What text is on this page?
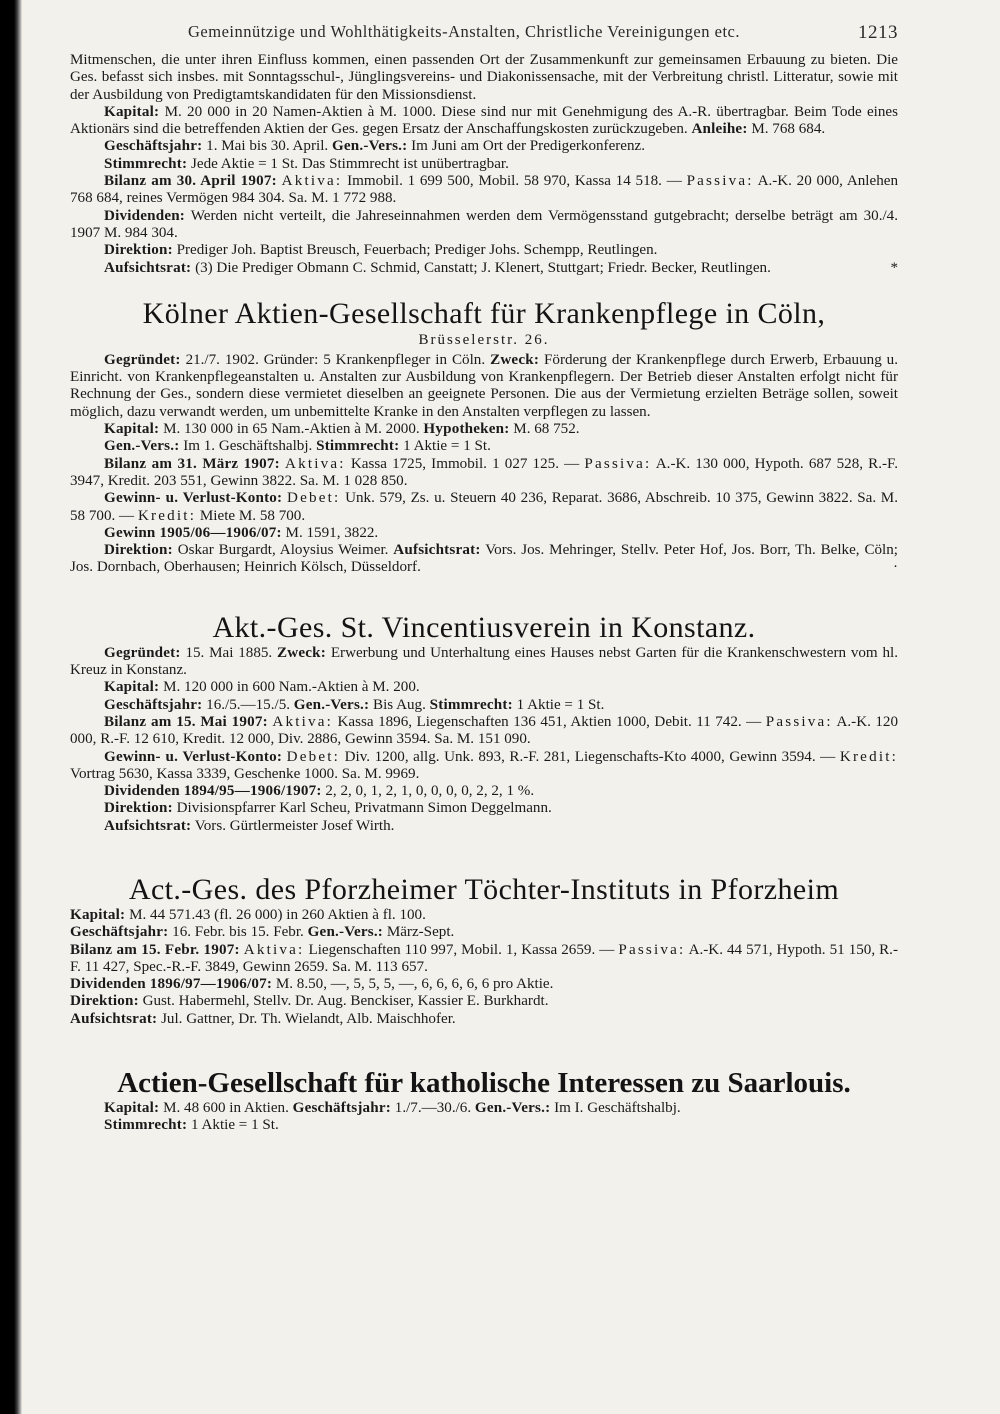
Gemeinnützige und Wohlthätigkeits-Anstalten, Christliche Vereinigungen etc.	1213

Mitmenschen, die unter ihren Einfluss kommen, einen passenden Ort der Zusammenkunft zur gemeinsamen Erbauung zu bieten. Die Ges. befasst sich insbes. mit Sonntagsschul-, Jünglingsvereins- und Diakonissensache, mit der Verbreitung christl. Litteratur, sowie mit der Ausbildung von Predigtamtskandidaten für den Missionsdienst.

Kapital: M. 20 000 in 20 Namen-Aktien à M. 1000. Diese sind nur mit Genehmigung des A.-R. übertragbar. Beim Tode eines Aktionärs sind die betreffenden Aktien der Ges. gegen Ersatz der Anschaffungskosten zurückzugeben. Anleihe: M. 768 684.

Geschäftsjahr: 1. Mai bis 30. April. Gen.-Vers.: Im Juni am Ort der Predigerkonferenz.

Stimmrecht: Jede Aktie = 1 St. Das Stimmrecht ist unübertragbar.

Bilanz am 30. April 1907: Aktiva: Immobil. 1 699 500, Mobil. 58 970, Kassa 14 518. — Passiva: A.-K. 20 000, Anlehen 768 684, reines Vermögen 984 304. Sa. M. 1 772 988.

Dividenden: Werden nicht verteilt, die Jahreseinnahmen werden dem Vermögensstand gutgebracht; derselbe beträgt am 30./4. 1907 M. 984 304.

Direktion: Prediger Joh. Baptist Breusch, Feuerbach; Prediger Johs. Schempp, Reutlingen.

Aufsichtsrat: (3) Die Prediger Obmann C. Schmid, Canstatt; J. Klenert, Stuttgart; Friedr. Becker, Reutlingen.	*

Kölner Aktien-Gesellschaft für Krankenpflege in Cöln,

Brüsselerstr. 26.

Gegründet: 21./7. 1902. Gründer: 5 Krankenpfleger in Cöln. Zweck: Förderung der Krankenpflege durch Erwerb, Erbauung u. Einricht. von Krankenpflegeanstalten u. Anstalten zur Ausbildung von Krankenpflegern. Der Betrieb dieser Anstalten erfolgt nicht für Rechnung der Ges., sondern diese vermietet dieselben an geeignete Personen. Die aus der Vermietung erzielten Beträge sollen, soweit möglich, dazu verwandt werden, um unbemittelte Kranke in den Anstalten verpflegen zu lassen.

Kapital: M. 130 000 in 65 Nam.-Aktien à M. 2000. Hypotheken: M. 68 752.

Gen.-Vers.: Im 1. Geschäftshalbj. Stimmrecht: 1 Aktie = 1 St.

Bilanz am 31. März 1907: Aktiva: Kassa 1725, Immobil. 1 027 125. — Passiva: A.-K. 130 000, Hypoth. 687 528, R.-F. 3947, Kredit. 203 551, Gewinn 3822. Sa. M. 1 028 850.

Gewinn- u. Verlust-Konto: Debet: Unk. 579, Zs. u. Steuern 40 236, Reparat. 3686, Abschreib. 10 375, Gewinn 3822. Sa. M. 58 700. — Kredit: Miete M. 58 700.

Gewinn 1905/06—1906/07: M. 1591, 3822.

Direktion: Oskar Burgardt, Aloysius Weimer. Aufsichtsrat: Vors. Jos. Mehringer, Stellv. Peter Hof, Jos. Borr, Th. Belke, Cöln; Jos. Dornbach, Oberhausen; Heinrich Kölsch, Düsseldorf.	·

Akt.-Ges. St. Vincentiusverein in Konstanz.

Gegründet: 15. Mai 1885. Zweck: Erwerbung und Unterhaltung eines Hauses nebst Garten für die Krankenschwestern vom hl. Kreuz in Konstanz.

Kapital: M. 120 000 in 600 Nam.-Aktien à M. 200.

Geschäftsjahr: 16./5.—15./5. Gen.-Vers.: Bis Aug. Stimmrecht: 1 Aktie = 1 St.

Bilanz am 15. Mai 1907: Aktiva: Kassa 1896, Liegenschaften 136 451, Aktien 1000, Debit. 11 742. — Passiva: A.-K. 120 000, R.-F. 12 610, Kredit. 12 000, Div. 2886, Gewinn 3594. Sa. M. 151 090.

Gewinn- u. Verlust-Konto: Debet: Div. 1200, allg. Unk. 893, R.-F. 281, Liegenschafts-Kto 4000, Gewinn 3594. — Kredit: Vortrag 5630, Kassa 3339, Geschenke 1000. Sa. M. 9969.

Dividenden 1894/95—1906/1907: 2, 2, 0, 1, 2, 1, 0, 0, 0, 0, 2, 2, 1 %.

Direktion: Divisionspfarrer Karl Scheu, Privatmann Simon Deggelmann.

Aufsichtsrat: Vors. Gürtlermeister Josef Wirth.

Act.-Ges. des Pforzheimer Töchter-Instituts in Pforzheim

Kapital: M. 44 571.43 (fl. 26 000) in 260 Aktien à fl. 100.

Geschäftsjahr: 16. Febr. bis 15. Febr. Gen.-Vers.: März-Sept.

Bilanz am 15. Febr. 1907: Aktiva: Liegenschaften 110 997, Mobil. 1, Kassa 2659. — Passiva: A.-K. 44 571, Hypoth. 51 150, R.-F. 11 427, Spec.-R.-F. 3849, Gewinn 2659. Sa. M. 113 657.

Dividenden 1896/97—1906/07: M. 8.50, —, 5, 5, 5, —, 6, 6, 6, 6, 6 pro Aktie.

Direktion: Gust. Habermehl, Stellv. Dr. Aug. Benckiser, Kassier E. Burkhardt.

Aufsichtsrat: Jul. Gattner, Dr. Th. Wielandt, Alb. Maischhofer.

Actien-Gesellschaft für katholische Interessen zu Saarlouis.

Kapital: M. 48 600 in Aktien. Geschäftsjahr: 1./7.—30./6. Gen.-Vers.: Im I. Geschäftshalbj.

Stimmrecht: 1 Aktie = 1 St.
